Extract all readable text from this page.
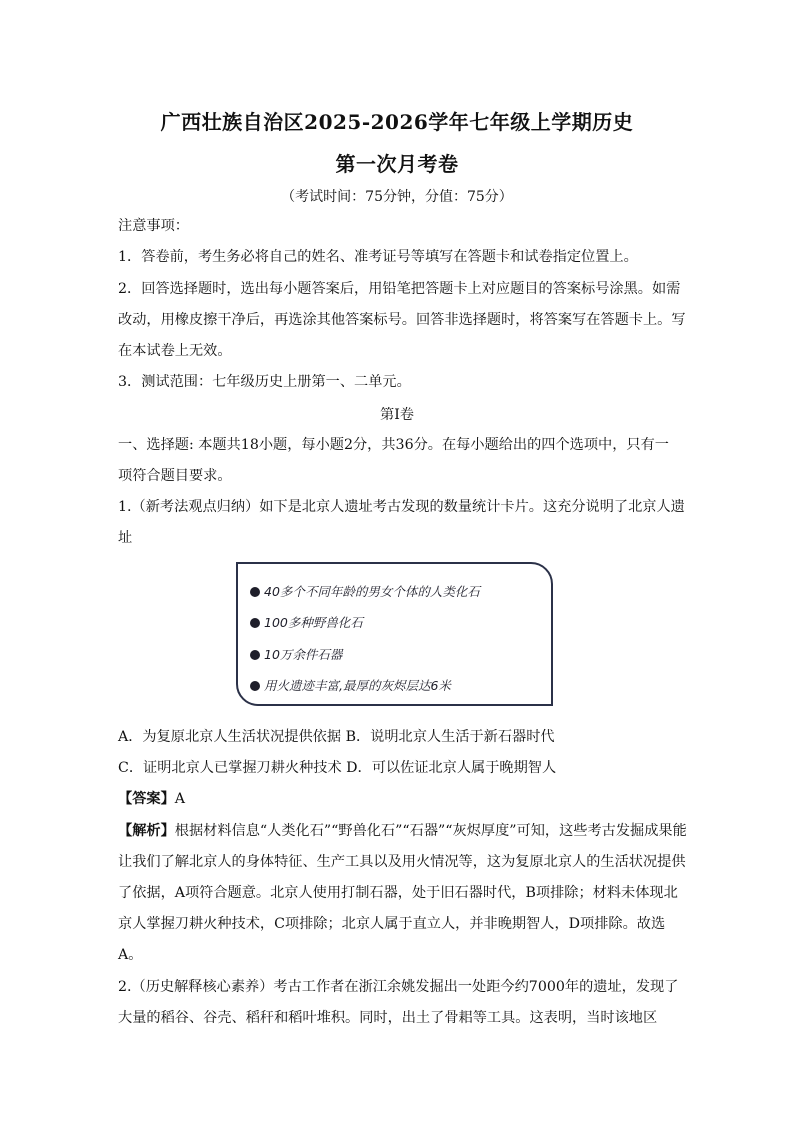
广西壮族自治区2025-2026学年七年级上学期历史
第一次月考卷
（考试时间：75分钟，分值：75分）
注意事项：
1．答卷前，考生务必将自己的姓名、准考证号等填写在答题卡和试卷指定位置上。
2．回答选择题时，选出每小题答案后，用铅笔把答题卡上对应题目的答案标号涂黑。如需
改动，用橡皮擦干净后，再选涂其他答案标号。回答非选择题时，将答案写在答题卡上。写
在本试卷上无效。
3．测试范围：七年级历史上册第一、二单元。
第Ⅰ卷
一、选择题: 本题共18小题，每小题2分，共36分。在每小题给出的四个选项中，只有一
项符合题目要求。
1.（新考法观点归纳）如下是北京人遗址考古发现的数量统计卡片。这充分说明了北京人遗
址
40多个不同年龄的男女个体的人类化石
100多种野兽化石
10万余件石器
用火遗迹丰富,最厚的灰烬层达6米
A．为复原北京人生活状况提供依据 B．说明北京人生活于新石器时代
C．证明北京人已掌握刀耕火种技术 D．可以佐证北京人属于晚期智人
【答案】A
【解析】根据材料信息“人类化石”“野兽化石”“石器”“灰烬厚度”可知，这些考古发掘成果能
让我们了解北京人的身体特征、生产工具以及用火情况等，这为复原北京人的生活状况提供
了依据，A项符合题意。北京人使用打制石器，处于旧石器时代，B项排除；材料未体现北
京人掌握刀耕火种技术，C项排除；北京人属于直立人，并非晚期智人，D项排除。故选
A。
2.（历史解释核心素养）考古工作者在浙江余姚发掘出一处距今约7000年的遗址，发现了
大量的稻谷、谷壳、稻秆和稻叶堆积。同时，出土了骨耜等工具。这表明，当时该地区
